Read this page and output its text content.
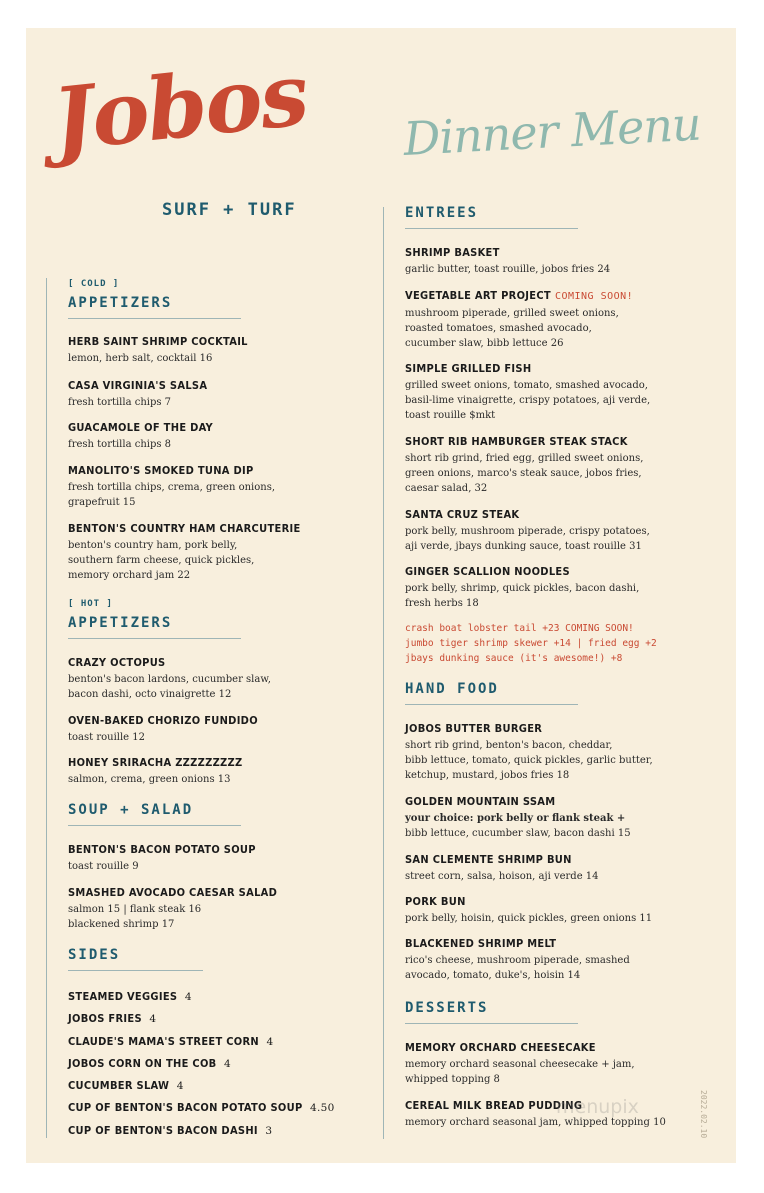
Jobos
SURF + TURF
Dinner Menu
[ COLD ]
APPETIZERS
HERB SAINT SHRIMP COCKTAIL
lemon, herb salt, cocktail 16
CASA VIRGINIA'S SALSA
fresh tortilla chips 7
GUACAMOLE OF THE DAY
fresh tortilla chips 8
MANOLITO'S SMOKED TUNA DIP
fresh tortilla chips, crema, green onions,
grapefruit 15
BENTON'S COUNTRY HAM CHARCUTERIE
benton's country ham, pork belly,
southern farm cheese, quick pickles,
memory orchard jam 22
[ HOT ]
APPETIZERS
CRAZY OCTOPUS
benton's bacon lardons, cucumber slaw,
bacon dashi, octo vinaigrette 12
OVEN-BAKED CHORIZO FUNDIDO
toast rouille 12
HONEY SRIRACHA ZZZZZZZZZ
salmon, crema, green onions 13
SOUP + SALAD
BENTON'S BACON POTATO SOUP
toast rouille 9
SMASHED AVOCADO CAESAR SALAD
salmon 15 | flank steak 16
blackened shrimp 17
SIDES
STEAMED VEGGIES 4
JOBOS FRIES 4
CLAUDE'S MAMA'S STREET CORN 4
JOBOS CORN ON THE COB 4
CUCUMBER SLAW 4
CUP OF BENTON'S BACON POTATO SOUP 4.50
CUP OF BENTON'S BACON DASHI 3
ENTREES
SHRIMP BASKET
garlic butter, toast rouille, jobos fries 24
VEGETABLE ART PROJECT COMING SOON!
mushroom piperade, grilled sweet onions,
roasted tomatoes, smashed avocado,
cucumber slaw, bibb lettuce 26
SIMPLE GRILLED FISH
grilled sweet onions, tomato, smashed avocado,
basil-lime vinaigrette, crispy potatoes, aji verde,
toast rouille $mkt
SHORT RIB HAMBURGER STEAK STACK
short rib grind, fried egg, grilled sweet onions,
green onions, marco's steak sauce, jobos fries,
caesar salad, 32
SANTA CRUZ STEAK
pork belly, mushroom piperade, crispy potatoes,
aji verde, jbays dunking sauce, toast rouille 31
GINGER SCALLION NOODLES
pork belly, shrimp, quick pickles, bacon dashi,
fresh herbs 18
crash boat lobster tail +23 COMING SOON!
jumbo tiger shrimp skewer +14 | fried egg +2
jbays dunking sauce (it's awesome!) +8
HAND FOOD
JOBOS BUTTER BURGER
short rib grind, benton's bacon, cheddar,
bibb lettuce, tomato, quick pickles, garlic butter,
ketchup, mustard, jobos fries 18
GOLDEN MOUNTAIN SSAM
your choice: pork belly or flank steak +
bibb lettuce, cucumber slaw, bacon dashi 15
SAN CLEMENTE SHRIMP BUN
street corn, salsa, hoison, aji verde 14
PORK BUN
pork belly, hoisin, quick pickles, green onions 11
BLACKENED SHRIMP MELT
rico's cheese, mushroom piperade, smashed
avocado, tomato, duke's, hoisin 14
DESSERTS
MEMORY ORCHARD CHEESECAKE
memory orchard seasonal cheesecake + jam,
whipped topping 8
CEREAL MILK BREAD PUDDING
memory orchard seasonal jam, whipped topping 10	2022.02.10
menupix
